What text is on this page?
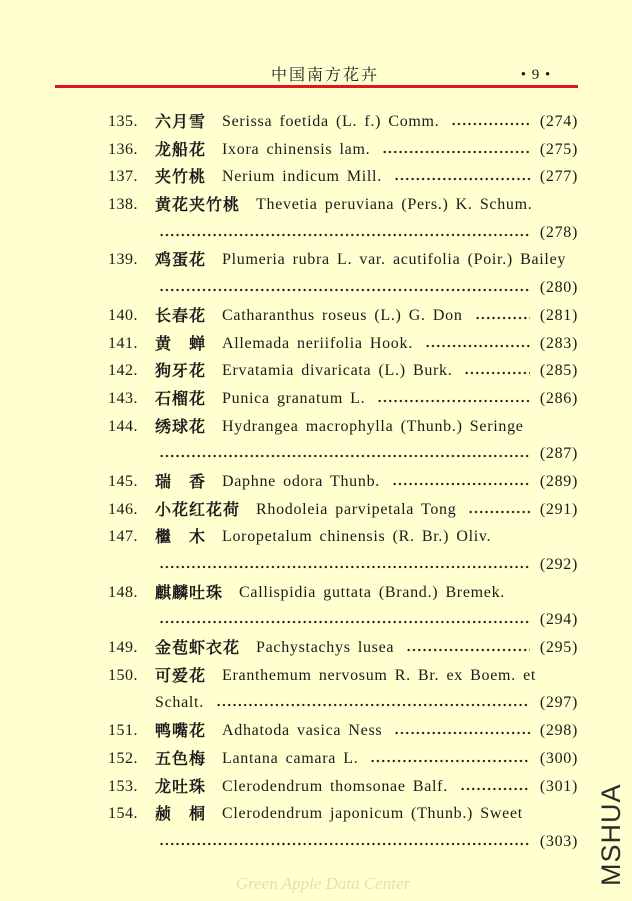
中国南方花卉	• 9 •
135.	六月雪 Serissa foetida (L. f.) Comm.	(274)
136.	龙船花 Ixora chinensis lam.	(275)
137.	夹竹桃 Nerium indicum Mill.	(277)
138.	黄花夹竹桃 Thevetia peruviana (Pers.) K. Schum.
(278)
139.	鸡蛋花 Plumeria rubra L. var. acutifolia (Poir.) Bailey
(280)
140.	长春花 Catharanthus roseus (L.) G. Don	(281)
141.	黄 蝉 Allemada neriifolia Hook.	(283)
142.	狗牙花 Ervatamia divaricata (L.) Burk.	(285)
143.	石榴花 Punica granatum L.	(286)
144.	绣球花 Hydrangea macrophylla (Thunb.) Seringe
(287)
145.	瑞 香 Daphne odora Thunb.	(289)
146.	小花红花荷 Rhodoleia parvipetala Tong	(291)
147.	檵 木 Loropetalum chinensis (R. Br.) Oliv.
(292)
148.	麒麟吐珠 Callispidia guttata (Brand.) Bremek.
(294)
149.	金苞虾衣花 Pachystachys lusea	(295)
150.	可爱花 Eranthemum nervosum R. Br. ex Boem. et
Schalt.	(297)
151.	鸭嘴花 Adhatoda vasica Ness	(298)
152.	五色梅 Lantana camara L.	(300)
153.	龙吐珠 Clerodendrum thomsonae Balf.	(301)
154.	赪 桐 Clerodendrum japonicum (Thunb.) Sweet
(303)
Green Apple Data Center	MSHUA
